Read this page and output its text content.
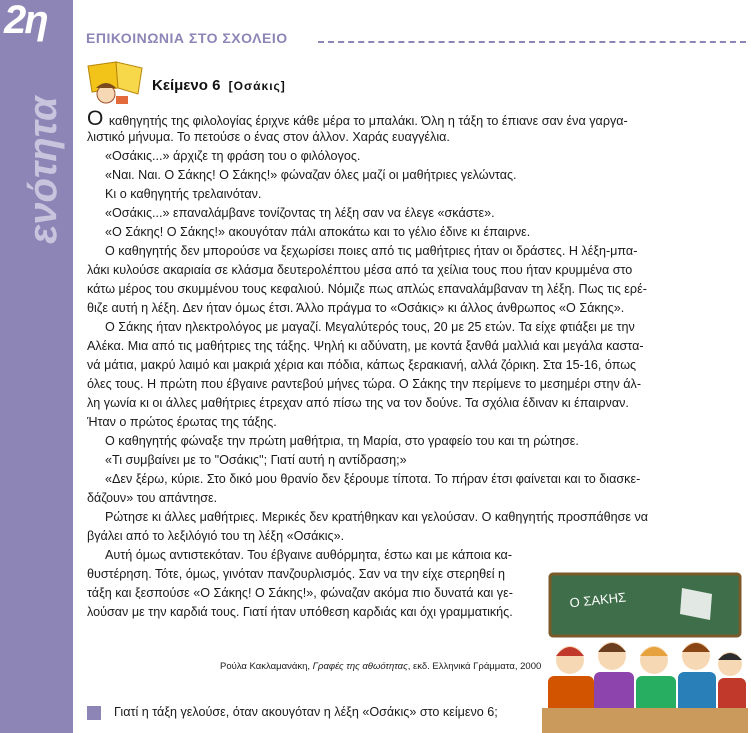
2η
ενότητα
ΕΠΙΚΟΙΝΩΝΙΑ ΣΤΟ ΣΧΟΛΕΙΟ
Κείμενο 6 [Οσάκις]
Ο καθηγητής της φιλολογίας έριχνε κάθε μέρα το μπαλάκι. Όλη η τάξη το έπιανε σαν ένα γαργα-
λιστικό μήνυμα. Το πετούσε ο ένας στον άλλον. Χαράς ευαγγέλια.
«Οσάκις...» άρχιζε τη φράση του ο φιλόλογος.
«Ναι. Ναι. Ο Σάκης! Ο Σάκης!» φώναζαν όλες μαζί οι μαθήτριες γελώντας.
Κι ο καθηγητής τρελαινόταν.
«Οσάκις...» επαναλάμβανε τονίζοντας τη λέξη σαν να έλεγε «σκάστε».
«Ο Σάκης! Ο Σάκης!» ακουγόταν πάλι αποκάτω και το γέλιο έδινε κι έπαιρνε.
Ο καθηγητής δεν μπορούσε να ξεχωρίσει ποιες από τις μαθήτριες ήταν οι δράστες. Η λέξη-μπα-
λάκι κυλούσε ακαριαία σε κλάσμα δευτερολέπτου μέσα από τα χείλια τους που ήταν κρυμμένα στο
κάτω μέρος του σκυμμένου τους κεφαλιού. Νόμιζε πως απλώς επαναλάμβαναν τη λέξη. Πως τις ερέ-
θιζε αυτή η λέξη. Δεν ήταν όμως έτσι. Άλλο πράγμα το «Οσάκις» κι άλλος άνθρωπος «Ο Σάκης».
Ο Σάκης ήταν ηλεκτρολόγος με μαγαζί. Μεγαλύτερός τους, 20 με 25 ετών. Τα είχε φτιάξει με την
Αλέκα. Μια από τις μαθήτριες της τάξης. Ψηλή κι αδύνατη, με κοντά ξανθά μαλλιά και μεγάλα καστα-
νά μάτια, μακρύ λαιμό και μακριά χέρια και πόδια, κάπως ξερακιανή, αλλά ζόρικη. Στα 15-16, όπως
όλες τους. Η πρώτη που έβγαινε ραντεβού μήνες τώρα. Ο Σάκης την περίμενε το μεσημέρι στην άλ-
λη γωνία κι οι άλλες μαθήτριες έτρεχαν από πίσω της να τον δούνε. Τα σχόλια έδιναν κι έπαιρναν.
Ήταν ο πρώτος έρωτας της τάξης.
Ο καθηγητής φώναξε την πρώτη μαθήτρια, τη Μαρία, στο γραφείο του και τη ρώτησε.
«Τι συμβαίνει με το "Οσάκις"; Γιατί αυτή η αντίδραση;»
«Δεν ξέρω, κύριε. Στο δικό μου θρανίο δεν ξέρουμε τίποτα. Το πήραν έτσι φαίνεται και το διασκε-
δάζουν» του απάντησε.
Ρώτησε κι άλλες μαθήτριες. Μερικές δεν κρατήθηκαν και γελούσαν. Ο καθηγητής προσπάθησε να
βγάλει από το λεξιλόγιό του τη λέξη «Οσάκις».
Αυτή όμως αντιστεκόταν. Του έβγαινε αυθόρμητα, έστω και με κάποια κα-
θυστέρηση. Τότε, όμως, γινόταν πανζουρλισμός. Σαν να την είχε στερηθεί η
τάξη και ξεσπούσε «Ο Σάκης! Ο Σάκης!», φώναζαν ακόμα πιο δυνατά και γε-
λούσαν με την καρδιά τους. Γιατί ήταν υπόθεση καρδιάς και όχι γραμματικής.
Ρούλα Κακλαμανάκη, Γραφές της αθωότητας, εκδ. Ελληνικά Γράμματα, 2000
Ο ΣΑΚΗΣ
Γιατί η τάξη γελούσε, όταν ακουγόταν η λέξη «Οσάκις» στο κείμενο 6;
